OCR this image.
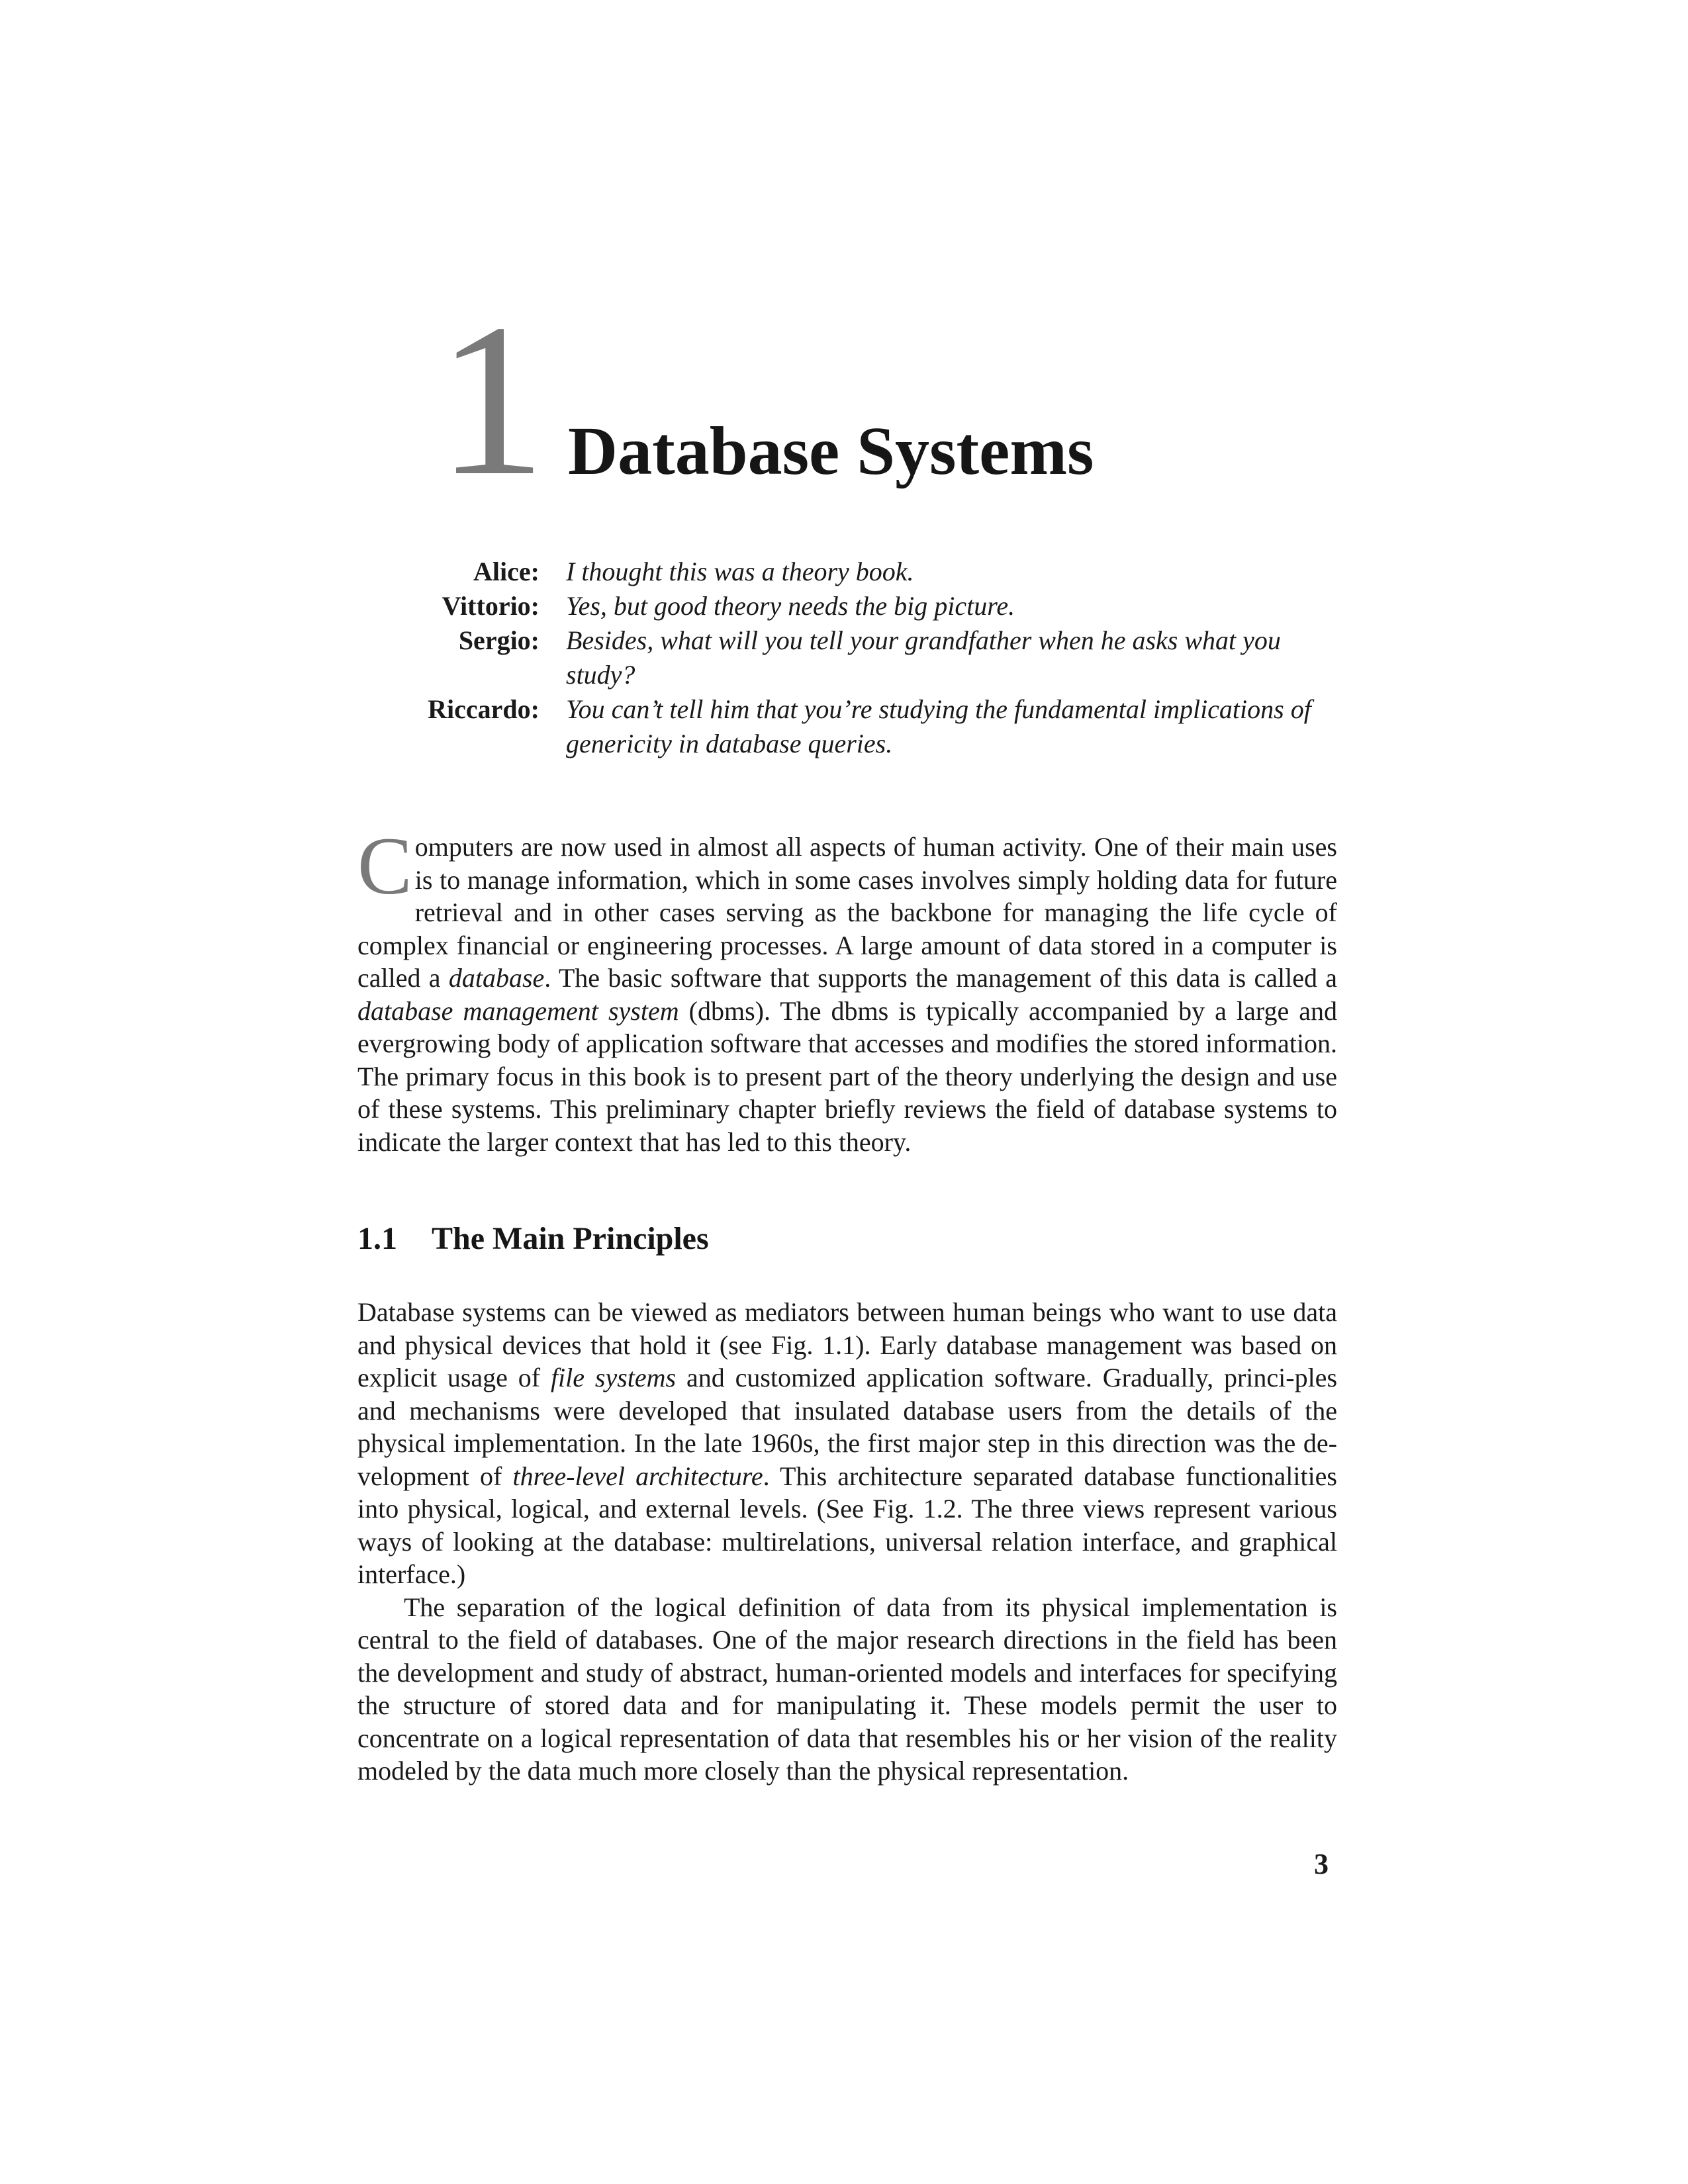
1 Database Systems
Alice: I thought this was a theory book.
Vittorio: Yes, but good theory needs the big picture.
Sergio: Besides, what will you tell your grandfather when he asks what you study?
Riccardo: You can’t tell him that you’re studying the fundamental implications of genericity in database queries.

Computers are now used in almost all aspects of human activity. One of their main uses is to manage information, which in some cases involves simply holding data for future retrieval and in other cases serving as the backbone for managing the life cycle of complex financial or engineering processes. A large amount of data stored in a computer is called a database. The basic software that supports the management of this data is called a database management system (dbms). The dbms is typically accompanied by a large and evergrowing body of application software that accesses and modifies the stored information. The primary focus in this book is to present part of the theory underlying the design and use of these systems. This preliminary chapter briefly reviews the field of database systems to indicate the larger context that has led to this theory.

1.1 The Main Principles

Database systems can be viewed as mediators between human beings who want to use data and physical devices that hold it (see Fig. 1.1). Early database management was based on explicit usage of file systems and customized application software. Gradually, princi-ples and mechanisms were developed that insulated database users from the details of the physical implementation. In the late 1960s, the first major step in this direction was the de-velopment of three-level architecture. This architecture separated database functionalities into physical, logical, and external levels. (See Fig. 1.2. The three views represent various ways of looking at the database: multirelations, universal relation interface, and graphical interface.)

The separation of the logical definition of data from its physical implementation is central to the field of databases. One of the major research directions in the field has been the development and study of abstract, human-oriented models and interfaces for specifying the structure of stored data and for manipulating it. These models permit the user to concentrate on a logical representation of data that resembles his or her vision of the reality modeled by the data much more closely than the physical representation.

3
